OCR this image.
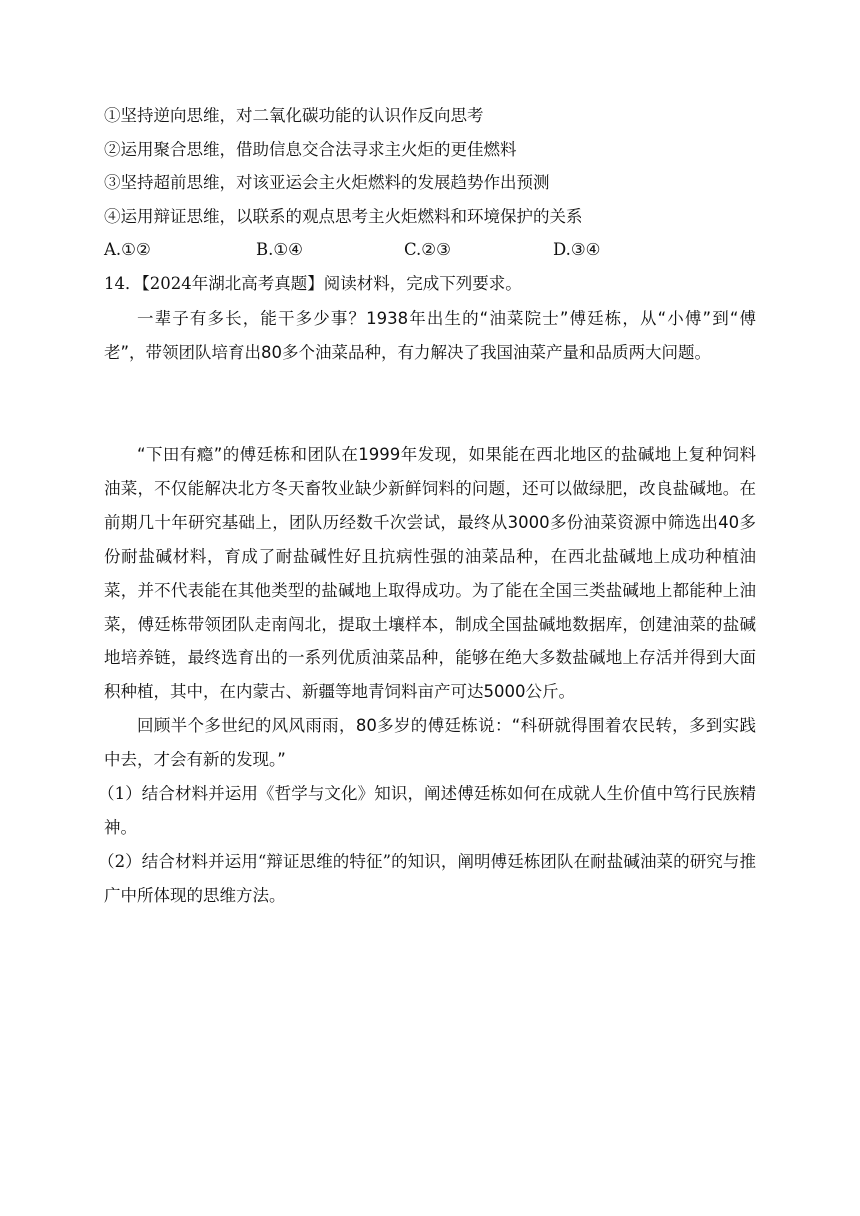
①坚持逆向思维，对二氧化碳功能的认识作反向思考
②运用聚合思维，借助信息交合法寻求主火炬的更佳燃料
③坚持超前思维，对该亚运会主火炬燃料的发展趋势作出预测
④运用辩证思维，以联系的观点思考主火炬燃料和环境保护的关系
A.①②	B.①④	C.②③	D.③④
14．【2024年湖北高考真题】阅读材料，完成下列要求。
一辈子有多长，能干多少事？1938年出生的“油菜院士”傅廷栋，从“小傅”到“傅老”，带领团队培育出80多个油菜品种，有力解决了我国油菜产量和品质两大问题。
“下田有瘾”的傅廷栋和团队在1999年发现，如果能在西北地区的盐碱地上复种饲料油菜，不仅能解决北方冬天畜牧业缺少新鲜饲料的问题，还可以做绿肥，改良盐碱地。在前期几十年研究基础上，团队历经数千次尝试，最终从3000多份油菜资源中筛选出40多份耐盐碱材料，育成了耐盐碱性好且抗病性强的油菜品种，在西北盐碱地上成功种植油菜，并不代表能在其他类型的盐碱地上取得成功。为了能在全国三类盐碱地上都能种上油菜，傅廷栋带领团队走南闯北，提取土壤样本，制成全国盐碱地数据库，创建油菜的盐碱地培养链，最终选育出的一系列优质油菜品种，能够在绝大多数盐碱地上存活并得到大面积种植，其中，在内蒙古、新疆等地青饲料亩产可达5000公斤。
回顾半个多世纪的风风雨雨，80多岁的傅廷栋说：“科研就得围着农民转，多到实践中去，才会有新的发现。”
（1）结合材料并运用《哲学与文化》知识，阐述傅廷栋如何在成就人生价值中笃行民族精神。
（2）结合材料并运用“辩证思维的特征”的知识，阐明傅廷栋团队在耐盐碱油菜的研究与推广中所体现的思维方法。
